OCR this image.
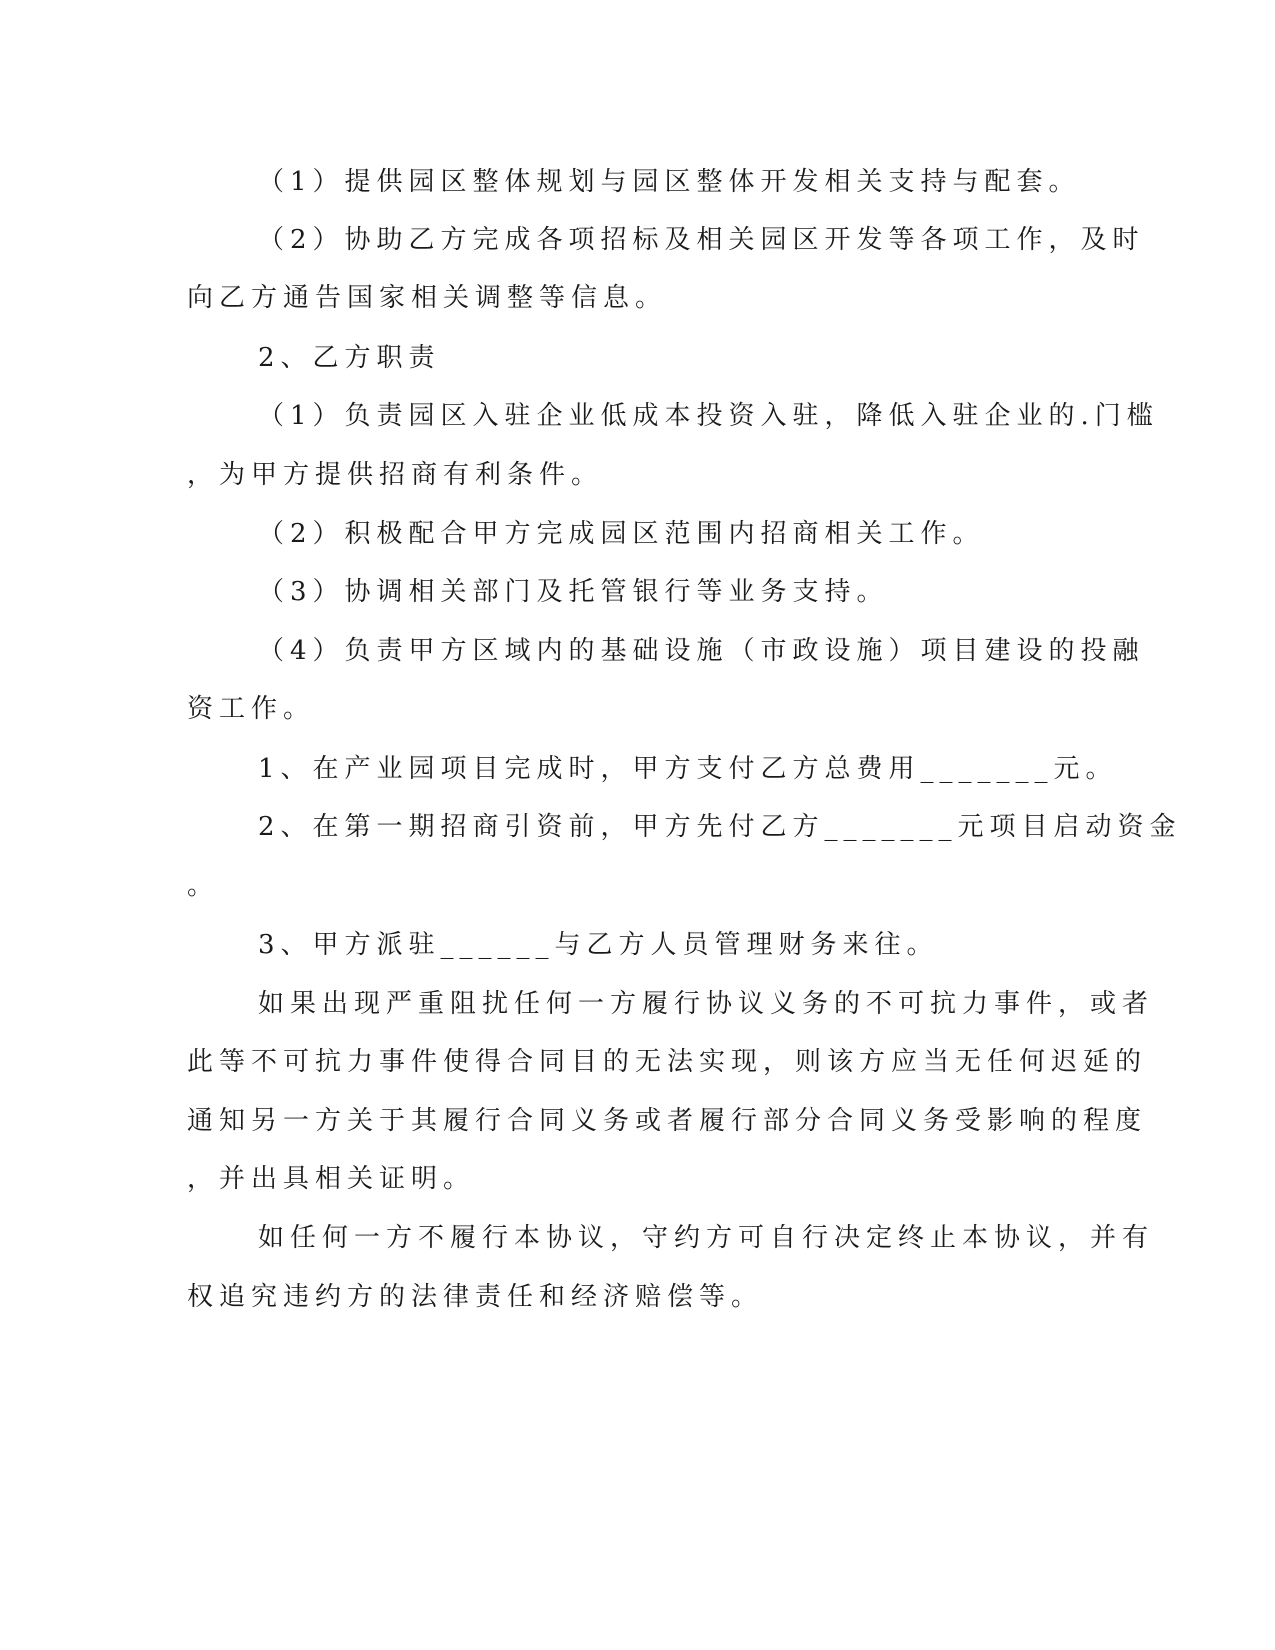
（1）提供园区整体规划与园区整体开发相关支持与配套。
（2）协助乙方完成各项招标及相关园区开发等各项工作，及时
向乙方通告国家相关调整等信息。
2、乙方职责
（1）负责园区入驻企业低成本投资入驻，降低入驻企业的.门槛
，为甲方提供招商有利条件。
（2）积极配合甲方完成园区范围内招商相关工作。
（3）协调相关部门及托管银行等业务支持。
（4）负责甲方区域内的基础设施（市政设施）项目建设的投融
资工作。
1、在产业园项目完成时，甲方支付乙方总费用_______元。
2、在第一期招商引资前，甲方先付乙方_______元项目启动资金
。
3、甲方派驻______与乙方人员管理财务来往。
如果出现严重阻扰任何一方履行协议义务的不可抗力事件，或者
此等不可抗力事件使得合同目的无法实现，则该方应当无任何迟延的
通知另一方关于其履行合同义务或者履行部分合同义务受影响的程度
，并出具相关证明。
如任何一方不履行本协议，守约方可自行决定终止本协议，并有
权追究违约方的法律责任和经济赔偿等。
